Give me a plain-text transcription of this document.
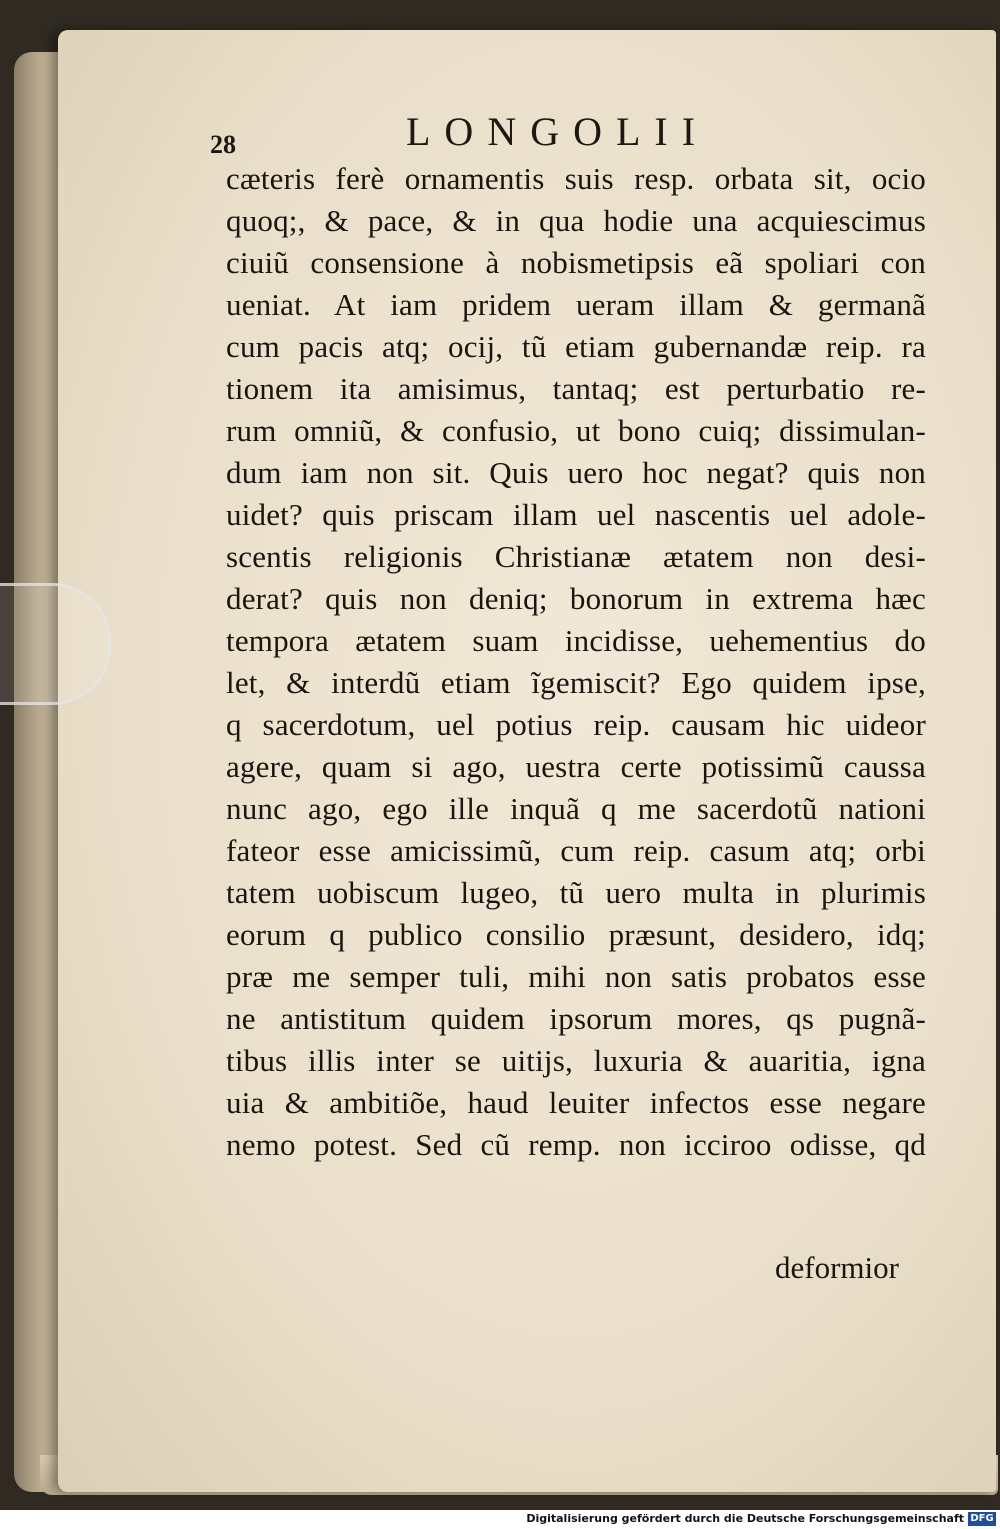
28	LONGOLII
cæteris ferè ornamentis suis resp. orbata sit, ocio
quoq;, & pace, & in qua hodie una acquiescimus
ciuiũ consensione à nobismetipsis eã spoliari con
ueniat. At iam pridem ueram illam & germanã
cum pacis atq; ocij, tũ etiam gubernandæ reip. ra
tionem ita amisimus, tantaq; est perturbatio re-
rum omniũ, & confusio, ut bono cuiq; dissimulan-
dum iam non sit. Quis uero hoc negat? quis non
uidet? quis priscam illam uel nascentis uel adole-
scentis religionis Christianæ ætatem non desi-
derat? quis non deniq; bonorum in extrema hæc
tempora ætatem suam incidisse, uehementius do
let, & interdũ etiam ĩgemiscit? Ego quidem ipse,
q sacerdotum, uel potius reip. causam hic uideor
agere, quam si ago, uestra certe potissimũ caussa
nunc ago, ego ille inquã q me sacerdotũ nationi
fateor esse amicissimũ, cum reip. casum atq; orbi
tatem uobiscum lugeo, tũ uero multa in plurimis
eorum q publico consilio præsunt, desidero, idq;
præ me semper tuli, mihi non satis probatos esse
ne antistitum quidem ipsorum mores, qs pugnã-
tibus illis inter se uitijs, luxuria & auaritia, igna
uia & ambitiõe, haud leuiter infectos esse negare
nemo potest. Sed cũ remp. non icciroo odisse, qd
deformior
Digitalisierung gefördert durch die Deutsche Forschungsgemeinschaft DFG
